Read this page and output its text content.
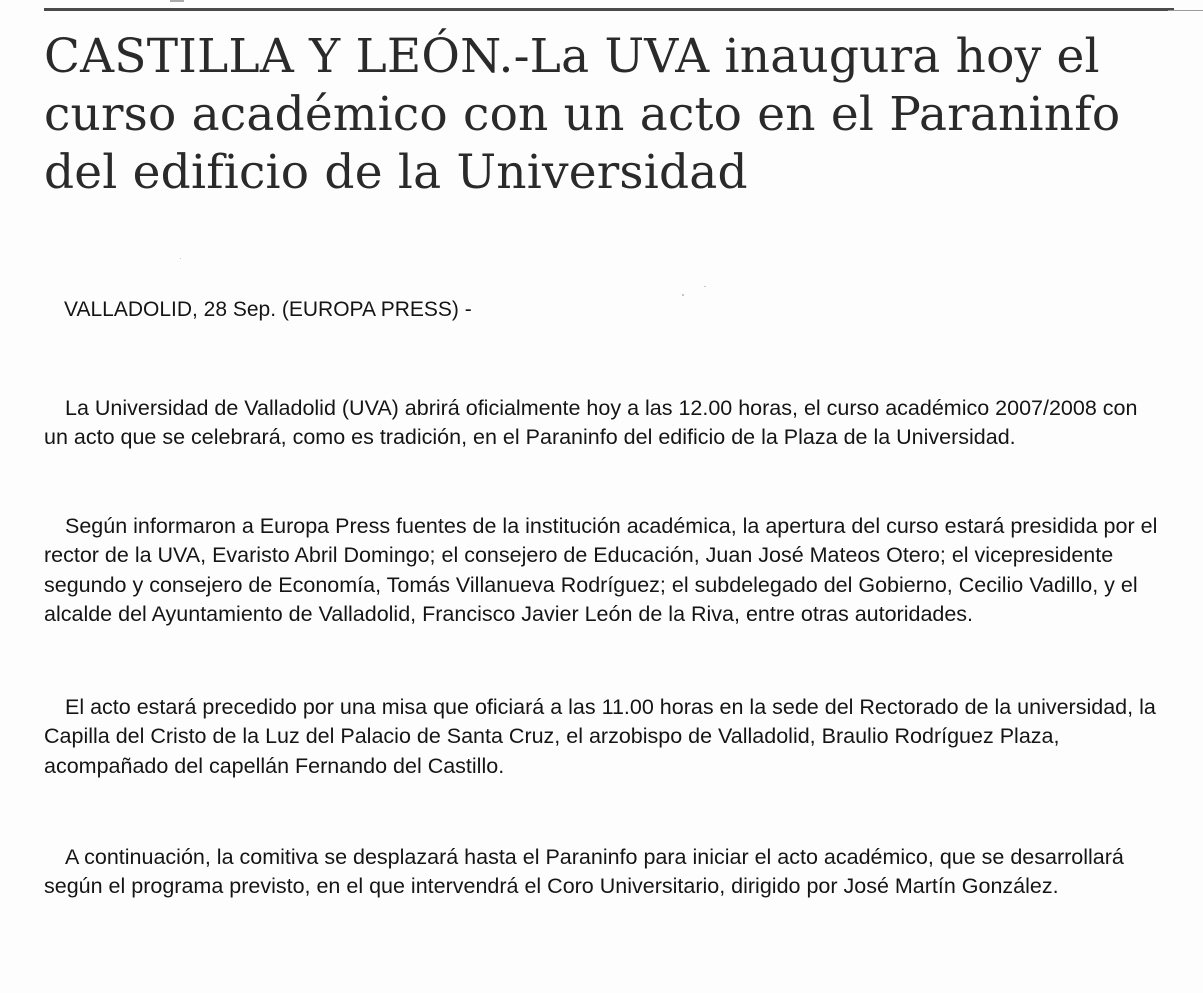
CASTILLA Y LEÓN.-La UVA inaugura hoy el curso académico con un acto en el Paraninfo del edificio de la Universidad

VALLADOLID, 28 Sep. (EUROPA PRESS) -

La Universidad de Valladolid (UVA) abrirá oficialmente hoy a las 12.00 horas, el curso académico 2007/2008 con un acto que se celebrará, como es tradición, en el Paraninfo del edificio de la Plaza de la Universidad.

Según informaron a Europa Press fuentes de la institución académica, la apertura del curso estará presidida por el rector de la UVA, Evaristo Abril Domingo; el consejero de Educación, Juan José Mateos Otero; el vicepresidente segundo y consejero de Economía, Tomás Villanueva Rodríguez; el subdelegado del Gobierno, Cecilio Vadillo, y el alcalde del Ayuntamiento de Valladolid, Francisco Javier León de la Riva, entre otras autoridades.

El acto estará precedido por una misa que oficiará a las 11.00 horas en la sede del Rectorado de la universidad, la Capilla del Cristo de la Luz del Palacio de Santa Cruz, el arzobispo de Valladolid, Braulio Rodríguez Plaza, acompañado del capellán Fernando del Castillo.

A continuación, la comitiva se desplazará hasta el Paraninfo para iniciar el acto académico, que se desarrollará según el programa previsto, en el que intervendrá el Coro Universitario, dirigido por José Martín González.
